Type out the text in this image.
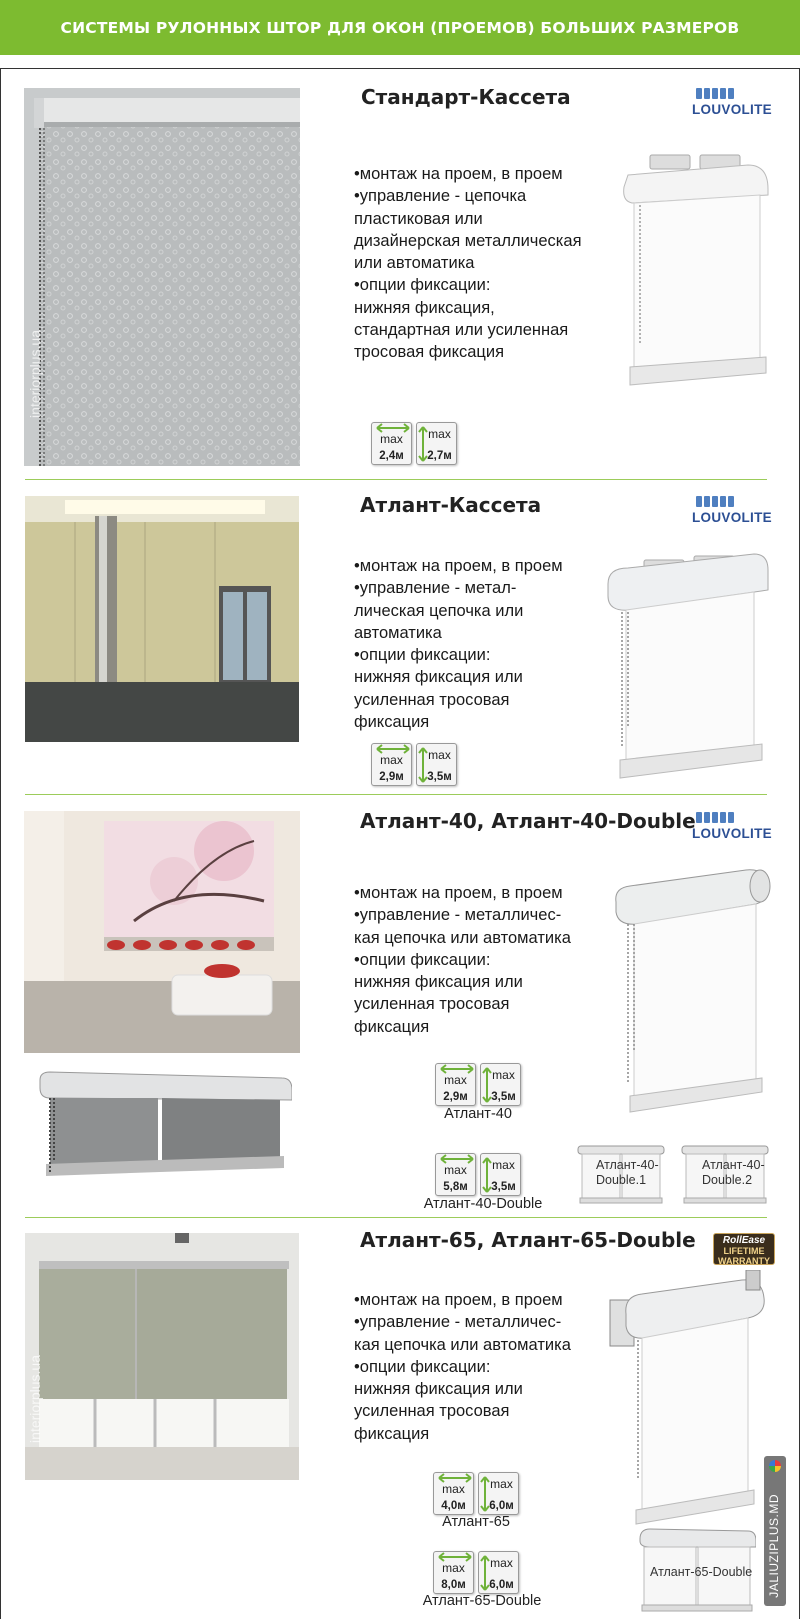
СИСТЕМЫ РУЛОННЫХ ШТОР ДЛЯ ОКОН (ПРОЕМОВ) БОЛЬШИХ РАЗМЕРОВ
interiorplus.ua
Стандарт-Кассета
LOUVOLITE
•монтаж на проем, в проем
•управление - цепочка
пластиковая или
дизайнерская металлическая
или автоматика
•опции фиксации:
нижняя фиксация,
стандартная или усиленная
тросовая фиксация
max
2,4м
max
2,7м
Атлант-Кассета
LOUVOLITE
•монтаж на проем, в проем
•управление - метал-
лическая цепочка или
автоматика
•опции фиксации:
нижняя фиксация или
усиленная тросовая
фиксация
max
2,9м
max
3,5м
Атлант-40, Атлант-40-Double
LOUVOLITE
•монтаж на проем, в проем
•управление - металличес-
кая цепочка или автоматика
•опции фиксации:
нижняя фиксация или
усиленная тросовая
фиксация
max
2,9м
max
3,5м
Атлант-40
max
5,8м
max
3,5м
Атлант-40-Double
Атлант-40-Double.1
Атлант-40-Double.2
interiorplus.ua
Атлант-65, Атлант-65-Double	RollEase
LIFETIME
WARRANTY
•монтаж на проем, в проем
•управление - металличес-
кая цепочка или автоматика
•опции фиксации:
нижняя фиксация или
усиленная тросовая
фиксация
Атлант-65-Double
max
4,0м
max
6,0м
Атлант-65
max
8,0м
max
6,0м
Атлант-65-Double
JALIUZIPLUS.MD
